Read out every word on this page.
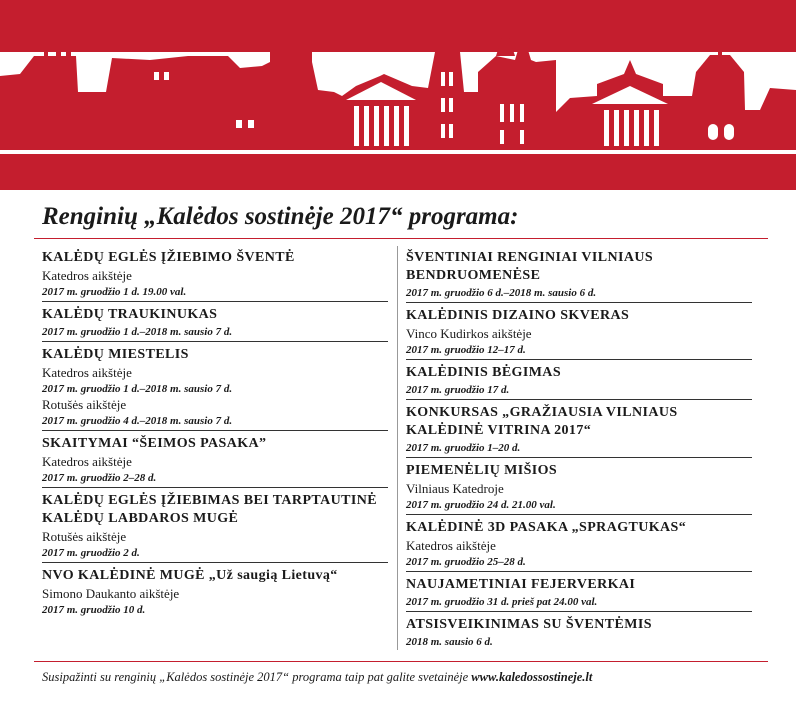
Renginių „Kalėdos sostinėje 2017“ programa:
KALĖDŲ EGLĖS ĮŽIEBIMO ŠVENTĖ
Katedros aikštėje
2017 m. gruodžio 1 d. 19.00 val.
KALĖDŲ TRAUKINUKAS
2017 m. gruodžio 1 d.–2018 m. sausio 7 d.
KALĖDŲ MIESTELIS
Katedros aikštėje
2017 m. gruodžio 1 d.–2018 m. sausio 7 d.
Rotušės aikštėje
2017 m. gruodžio 4 d.–2018 m. sausio 7 d.
SKAITYMAI “ŠEIMOS PASAKA”
Katedros aikštėje
2017 m. gruodžio 2–28 d.
KALĖDŲ EGLĖS ĮŽIEBIMAS BEI TARPTAUTINĖ KALĖDŲ LABDAROS MUGĖ
Rotušės aikštėje
2017 m. gruodžio 2 d.
NVO KALĖDINĖ MUGĖ „Už saugią Lietuvą“
Simono Daukanto aikštėje
2017 m. gruodžio 10 d.
ŠVENTINIAI RENGINIAI VILNIAUS BENDRUOMENĖSE
2017 m. gruodžio 6 d.–2018 m. sausio 6 d.
KALĖDINIS DIZAINO SKVERAS
Vinco Kudirkos aikštėje
2017 m. gruodžio 12–17 d.
KALĖDINIS BĖGIMAS
2017 m. gruodžio 17 d.
KONKURSAS „GRAŽIAUSIA VILNIAUS KALĖDINĖ VITRINA 2017“
2017 m. gruodžio 1–20 d.
PIEMENĖLIŲ MIŠIOS
Vilniaus Katedroje
2017 m. gruodžio 24 d. 21.00 val.
KALĖDINĖ 3D PASAKA „SPRAGTUKAS“
Katedros aikštėje
2017 m. gruodžio 25–28 d.
NAUJAMETINIAI FEJERVERKAI
2017 m. gruodžio 31 d. prieš pat 24.00 val.
ATSISVEIKINIMAS SU ŠVENTĖMIS
2018 m. sausio 6 d.
Susipažinti su renginių „Kalėdos sostinėje 2017“ programa taip pat galite svetainėje www.kaledossostineje.lt
